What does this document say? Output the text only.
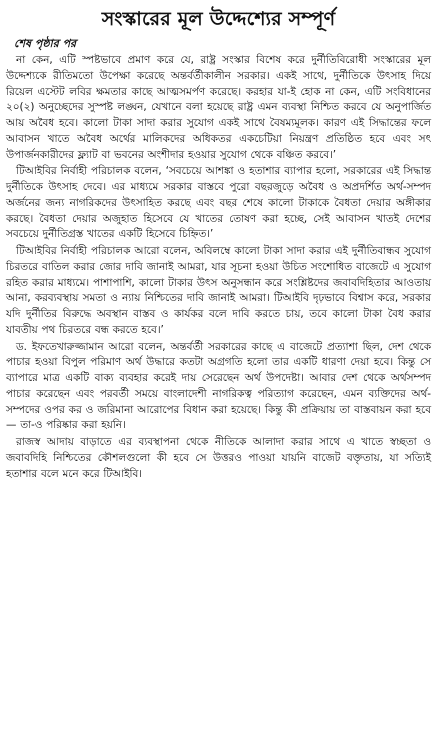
সংস্কারের মূল উদ্দেশ্যের সম্পূর্ণ

শেষ পৃষ্ঠার পর

না কেন, এটি স্পষ্টভাবে প্রমাণ করে যে, রাষ্ট্র সংস্কার বিশেষ করে দুর্নীতিবিরোধী সংস্কারের মূল উদ্দেশ্যকে রীতিমতো উপেক্ষা করেছে অন্তর্বর্তীকালীন সরকার। একই সাথে, দুর্নীতিকে উৎসাহ দিয়ে রিয়েল এস্টেট লবির ক্ষমতার কাছে আত্মসমর্পণ করেছে। করহার যা-ই হোক না কেন, এটি সংবিধানের ২০(২) অনুচ্ছেদের সুস্পষ্ট লঙ্ঘন, যেখানে বলা হয়েছে রাষ্ট্র এমন ব্যবস্থা নিশ্চিত করবে যে অনুপার্জিত আয় অবৈধ হবে। কালো টাকা সাদা করার সুযোগ একই সাথে বৈষম্যমূলক। কারণ এই সিদ্ধান্তের ফলে আবাসন খাতে অবৈধ অর্থের মালিকদের অধিকতর একচেটিয়া নিয়ন্ত্রণ প্রতিষ্ঠিত হবে এবং সৎ উপার্জনকারীদের ফ্ল্যাট বা ভবনের অংশীদার হওয়ার সুযোগ থেকে বঞ্চিত করবে।’

টিআইবির নির্বাহী পরিচালক বলেন, ‘সবচেয়ে আশঙ্কা ও হতাশার ব্যাপার হলো, সরকারের এই সিদ্ধান্ত দুর্নীতিকে উৎসাহ দেবে। এর মাধ্যমে সরকার বাস্তবে পুরো বছরজুড়ে অবৈধ ও অপ্রদর্শিত অর্থ-সম্পদ অর্জনের জন্য নাগরিকদের উৎসাহিত করছে এবং বছর শেষে কালো টাকাকে বৈধতা দেয়ার অঙ্গীকার করছে। বৈধতা দেয়ার অজুহাত হিসেবে যে খাতের তোষণ করা হচ্ছে, সেই আবাসন খাতই দেশের সবচেয়ে দুর্নীতিগ্রস্ত খাতের একটি হিসেবে চিহ্নিত।’

টিআইবির নির্বাহী পরিচালক আরো বলেন, অবিলম্বে কালো টাকা সাদা করার এই দুর্নীতিবান্ধব সুযোগ চিরতরে বাতিল করার জোর দাবি জানাই আমরা, যার সূচনা হওয়া উচিত সংশোধিত বাজেটে এ সুযোগ রহিত করার মাধ্যমে। পাশাপাশি, কালো টাকার উৎস অনুসন্ধান করে সংশ্লিষ্টদের জবাবদিহিতার আওতায় আনা, করব্যবস্থায় সমতা ও ন্যায় নিশ্চিতের দাবি জানাই আমরা। টিআইবি দৃঢ়ভাবে বিশ্বাস করে, সরকার যদি দুর্নীতির বিরুদ্ধে অবস্থান বাস্তব ও কার্যকর বলে দাবি করতে চায়, তবে কালো টাকা বৈধ করার যাবতীয় পথ চিরতরে বন্ধ করতে হবে।’

ড. ইফতেখারুজ্জামান আরো বলেন, অন্তর্বর্তী সরকারের কাছে এ বাজেটে প্রত্যাশা ছিল, দেশ থেকে পাচার হওয়া বিপুল পরিমাণ অর্থ উদ্ধারে কতটা অগ্রগতি হলো তার একটি ধারণা দেয়া হবে। কিন্তু সে ব্যাপারে মাত্র একটি বাক্য ব্যবহার করেই দায় সেরেছেন অর্থ উপদেষ্টা। আবার দেশ থেকে অর্থসম্পদ পাচার করেছেন এবং পরবর্তী সময়ে বাংলাদেশী নাগরিকত্ব পরিত্যাগ করেছেন, এমন ব্যক্তিদের অর্থ-সম্পদের ওপর কর ও জরিমানা আরোপের বিধান করা হয়েছে। কিন্তু কী প্রক্রিয়ায় তা বাস্তবায়ন করা হবে— তা-ও পরিষ্কার করা হয়নি।

রাজস্ব আদায় বাড়াতে এর ব্যবস্থাপনা থেকে নীতিকে আলাদা করার সাথে এ খাতে স্বচ্ছতা ও জবাবদিহি নিশ্চিতের কৌশলগুলো কী হবে সে উত্তরও পাওয়া যায়নি বাজেট বক্তৃতায়, যা সত্যিই হতাশার বলে মনে করে টিআইবি।
